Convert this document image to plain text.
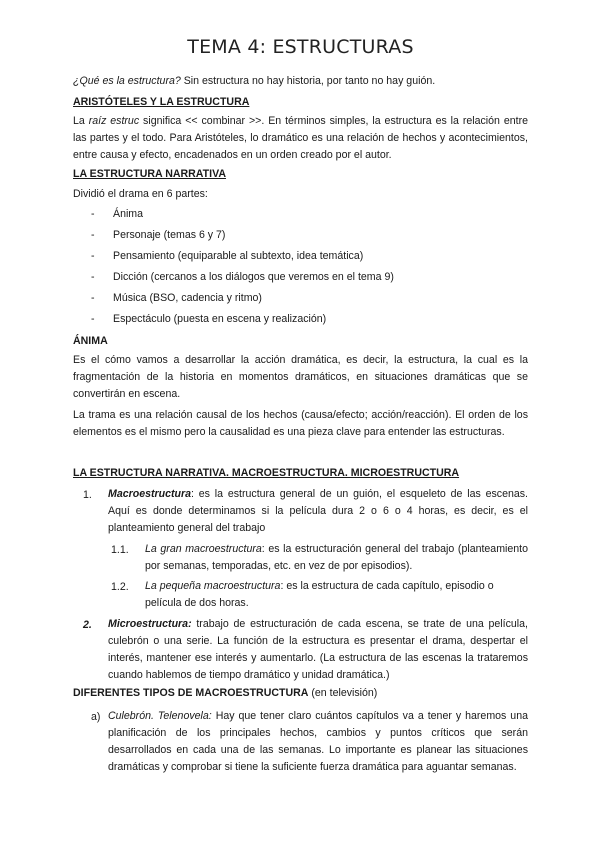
TEMA 4: ESTRUCTURAS
¿Qué es la estructura? Sin estructura no hay historia, por tanto no hay guión.
ARISTÓTELES Y LA ESTRUCTURA
La raíz estruc significa << combinar >>. En términos simples, la estructura es la relación entre las partes y el todo. Para Aristóteles, lo dramático es una relación de hechos y acontecimientos, entre causa y efecto, encadenados en un orden creado por el autor.
LA ESTRUCTURA NARRATIVA
Dividió el drama en 6 partes:
- Ánima
- Personaje (temas 6 y 7)
- Pensamiento (equiparable al subtexto, idea temática)
- Dicción (cercanos a los diálogos que veremos en el tema 9)
- Música (BSO, cadencia y ritmo)
- Espectáculo (puesta en escena y realización)
ÁNIMA
Es el cómo vamos a desarrollar la acción dramática, es decir, la estructura, la cual es la fragmentación de la historia en momentos dramáticos, en situaciones dramáticas que se convertirán en escena.
La trama es una relación causal de los hechos (causa/efecto; acción/reacción). El orden de los elementos es el mismo pero la causalidad es una pieza clave para entender las estructuras.
LA ESTRUCTURA NARRATIVA. MACROESTRUCTURA. MICROESTRUCTURA
1. Macroestructura: es la estructura general de un guión, el esqueleto de las escenas. Aquí es donde determinamos si la película dura 2 o 6 o 4 horas, es decir, es el planteamiento general del trabajo
1.1. La gran macroestructura: es la estructuración general del trabajo (planteamiento por semanas, temporadas, etc. en vez de por episodios).
1.2. La pequeña macroestructura: es la estructura de cada capítulo, episodio o película de dos horas.
2. Microestructura: trabajo de estructuración de cada escena, se trate de una película, culebrón o una serie. La función de la estructura es presentar el drama, despertar el interés, mantener ese interés y aumentarlo. (La estructura de las escenas la trataremos cuando hablemos de tiempo dramático y unidad dramática.)
DIFERENTES TIPOS DE MACROESTRUCTURA (en televisión)
a) Culebrón. Telenovela: Hay que tener claro cuántos capítulos va a tener y haremos una planificación de los principales hechos, cambios y puntos críticos que serán desarrollados en cada una de las semanas. Lo importante es planear las situaciones dramáticas y comprobar si tiene la suficiente fuerza dramática para aguantar semanas.
